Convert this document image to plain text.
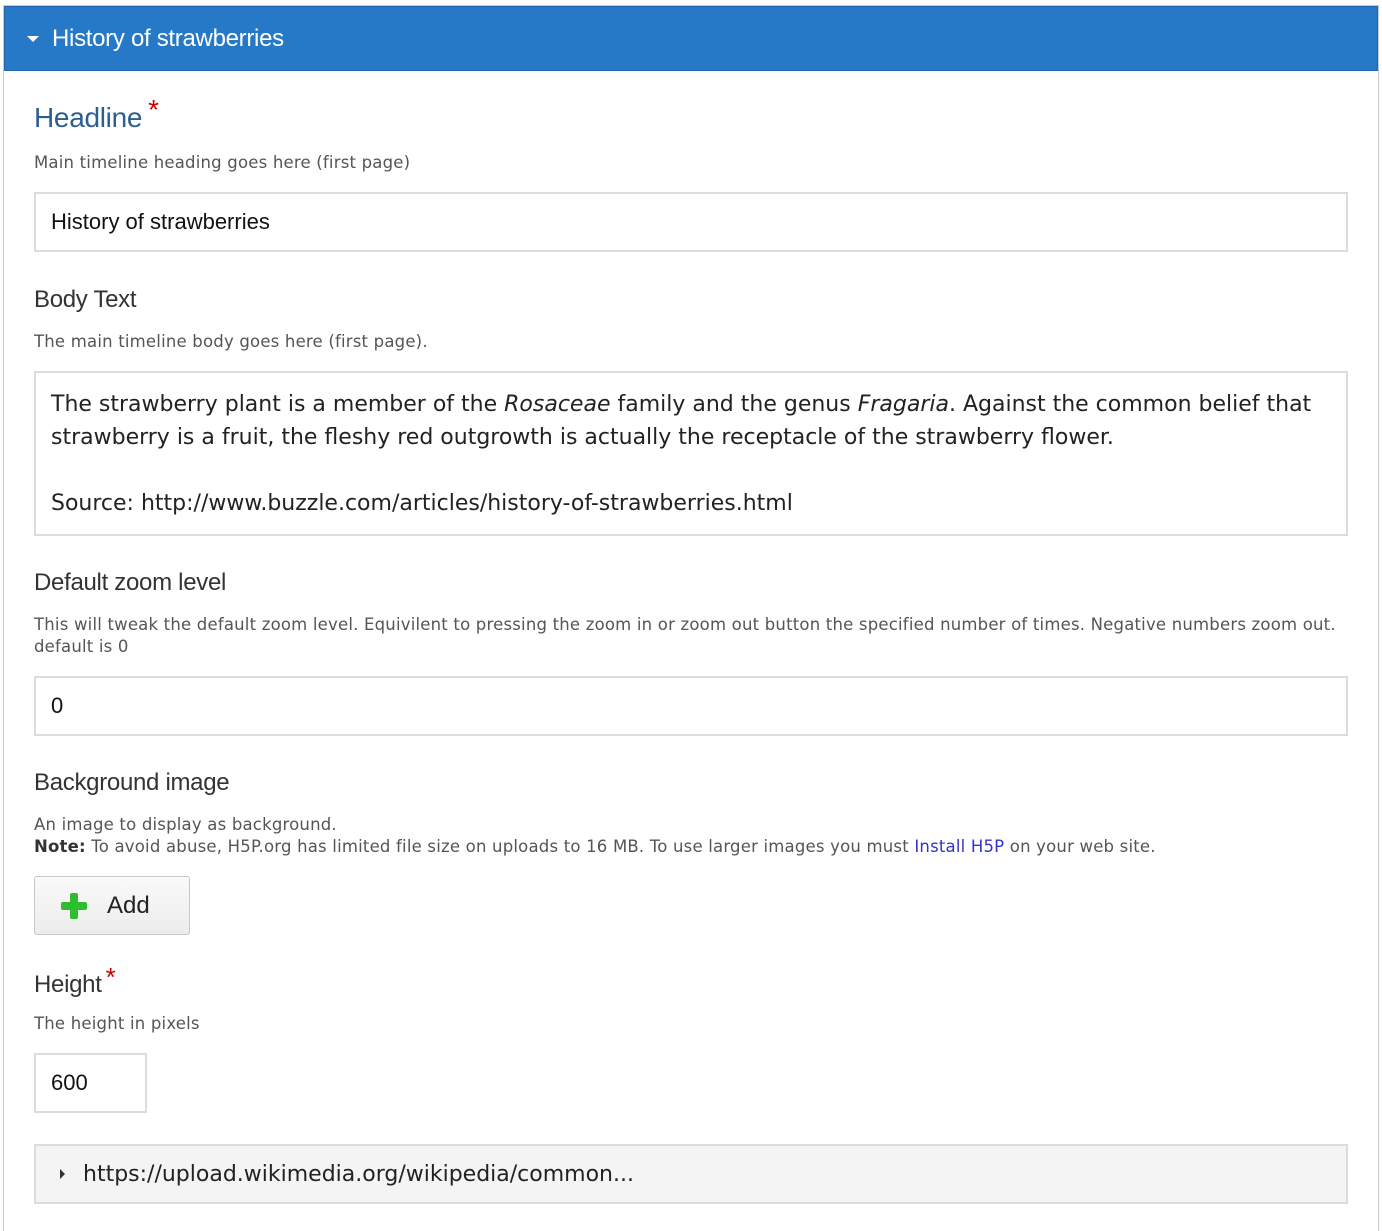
History of strawberries
Headline *
Main timeline heading goes here (first page)
History of strawberries
Body Text
The main timeline body goes here (first page).

The strawberry plant is a member of the Rosaceae family and the genus Fragaria. Against the common belief that strawberry is a fruit, the fleshy red outgrowth is actually the receptacle of the strawberry flower.

Source: http://www.buzzle.com/articles/history-of-strawberries.html

Default zoom level
This will tweak the default zoom level. Equivilent to pressing the zoom in or zoom out button the specified number of times. Negative numbers zoom out. default is 0
0
Background image
An image to display as background.
Note: To avoid abuse, H5P.org has limited file size on uploads to 16 MB. To use larger images you must Install H5P on your web site.
Add
Height *
The height in pixels
600
https://upload.wikimedia.org/wikipedia/common...
